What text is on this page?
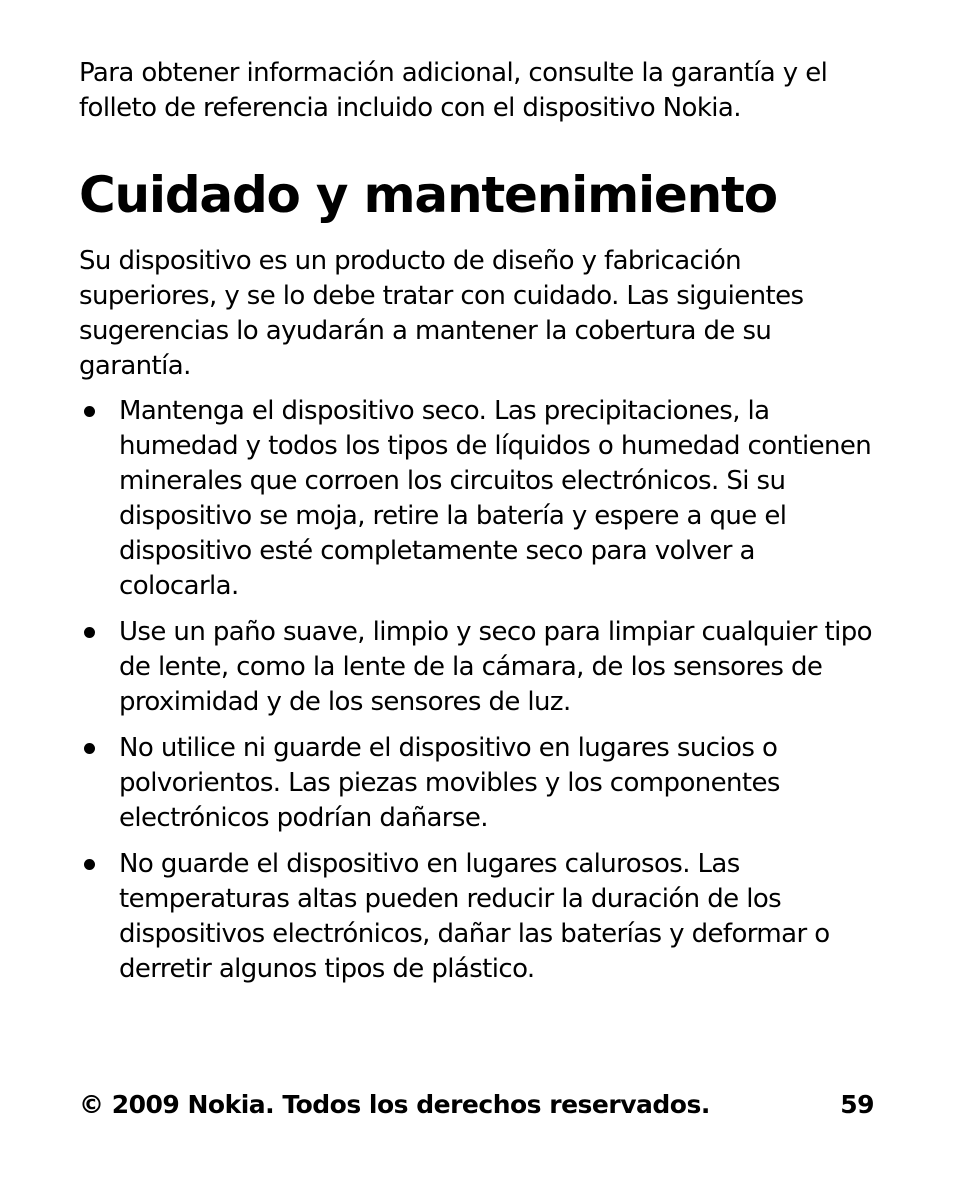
Para obtener información adicional, consulte la garantía y el folleto de referencia incluido con el dispositivo Nokia.

Cuidado y mantenimiento

Su dispositivo es un producto de diseño y fabricación superiores, y se lo debe tratar con cuidado. Las siguientes sugerencias lo ayudarán a mantener la cobertura de su garantía.

Mantenga el dispositivo seco. Las precipitaciones, la humedad y todos los tipos de líquidos o humedad contienen minerales que corroen los circuitos electrónicos. Si su dispositivo se moja, retire la batería y espere a que el dispositivo esté completamente seco para volver a colocarla.
Use un paño suave, limpio y seco para limpiar cualquier tipo de lente, como la lente de la cámara, de los sensores de proximidad y de los sensores de luz.
No utilice ni guarde el dispositivo en lugares sucios o polvorientos. Las piezas movibles y los componentes electrónicos podrían dañarse.
No guarde el dispositivo en lugares calurosos. Las temperaturas altas pueden reducir la duración de los dispositivos electrónicos, dañar las baterías y deformar o derretir algunos tipos de plástico.
© 2009 Nokia. Todos los derechos reservados.	59
